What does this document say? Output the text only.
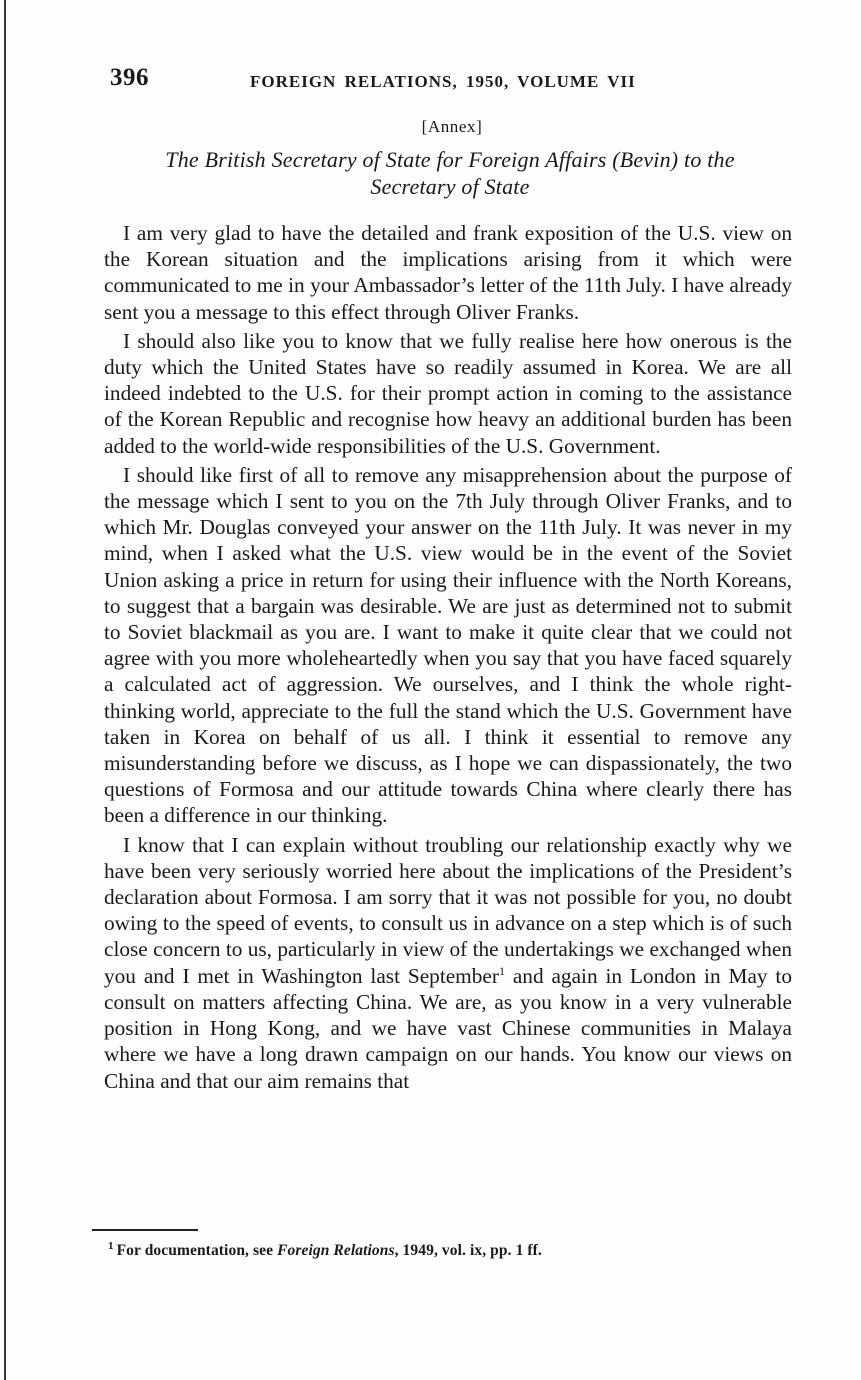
396	FOREIGN RELATIONS, 1950, VOLUME VII
[Annex]
The British Secretary of State for Foreign Affairs (Bevin) to the
Secretary of State

I am very glad to have the detailed and frank exposition of the U.S. view on the Korean situation and the implications arising from it which were communicated to me in your Ambassador’s letter of the 11th July. I have already sent you a message to this effect through Oliver Franks.

I should also like you to know that we fully realise here how onerous is the duty which the United States have so readily assumed in Korea. We are all indeed indebted to the U.S. for their prompt action in coming to the assistance of the Korean Republic and recognise how heavy an additional burden has been added to the world-wide responsibilities of the U.S. Government.

I should like first of all to remove any misapprehension about the purpose of the message which I sent to you on the 7th July through Oliver Franks, and to which Mr. Douglas conveyed your answer on the 11th July. It was never in my mind, when I asked what the U.S. view would be in the event of the Soviet Union asking a price in return for using their influence with the North Koreans, to suggest that a bargain was desirable. We are just as determined not to submit to Soviet blackmail as you are. I want to make it quite clear that we could not agree with you more wholeheartedly when you say that you have faced squarely a calculated act of aggression. We ourselves, and I think the whole right-thinking world, appreciate to the full the stand which the U.S. Government have taken in Korea on behalf of us all. I think it essential to remove any misunderstanding before we discuss, as I hope we can dispassionately, the two questions of Formosa and our attitude towards China where clearly there has been a difference in our thinking.

I know that I can explain without troubling our relationship exactly why we have been very seriously worried here about the implications of the President’s declaration about Formosa. I am sorry that it was not possible for you, no doubt owing to the speed of events, to consult us in advance on a step which is of such close concern to us, particularly in view of the undertakings we exchanged when you and I met in Washington last September$^1$ and again in London in May to consult on matters affecting China. We are, as you know in a very vulnerable position in Hong Kong, and we have vast Chinese communities in Malaya where we have a long drawn campaign on our hands. You know our views on China and that our aim remains that

$^1$ For documentation, see Foreign Relations, 1949, vol. ix, pp. 1 ff.
